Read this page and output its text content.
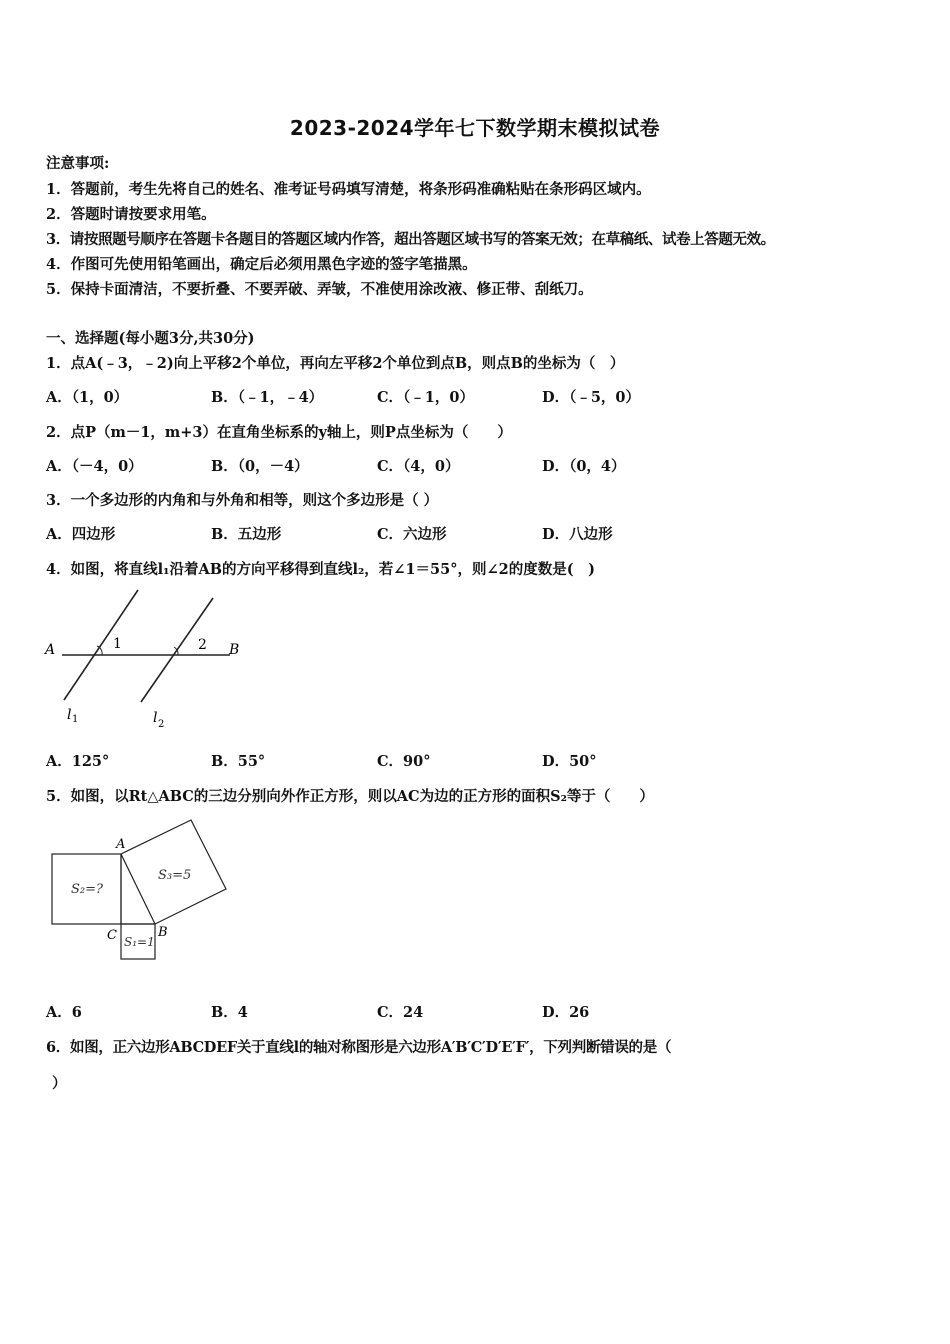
2023-2024学年七下数学期末模拟试卷
注意事项:
1．答题前，考生先将自己的姓名、准考证号码填写清楚，将条形码准确粘贴在条形码区域内。
2．答题时请按要求用笔。
3．请按照题号顺序在答题卡各题目的答题区域内作答，超出答题区域书写的答案无效；在草稿纸、试卷上答题无效。
4．作图可先使用铅笔画出，确定后必须用黑色字迹的签字笔描黑。
5．保持卡面清洁，不要折叠、不要弄破、弄皱，不准使用涂改液、修正带、刮纸刀。
一、选择题(每小题3分,共30分)
1．点A(﹣3，﹣2)向上平移2个单位，再向左平移2个单位到点B，则点B的坐标为（　）
A．（1，0）	B．（﹣1，﹣4）	C．（﹣1，0）	D．（﹣5，0）
2．点P（m－1，m+3）在直角坐标系的y轴上，则P点坐标为（　　）
A．（－4，0）	B．（0，－4）	C．（4，0）	D．（0，4）
3．一个多边形的内角和与外角和相等，则这个多边形是（ ）
A．四边形	B．五边形	C．六边形	D．八边形
4．如图，将直线l₁沿着AB的方向平移得到直线l₂，若∠1＝55°，则∠2的度数是(　)
A	B
1	2
l 1	l 2
A．125°	B．55°	C．90°	D．50°
5．如图，以Rt△ABC的三边分别向外作正方形，则以AC为边的正方形的面积S₂等于（　　）
A
B
C
S₂=?
S₃=5
S₁=1
A．6	B．4	C．24	D．26
6．如图，正六边形ABCDEF关于直线l的轴对称图形是六边形A′B′C′D′E′F′，下列判断错误的是（
）
